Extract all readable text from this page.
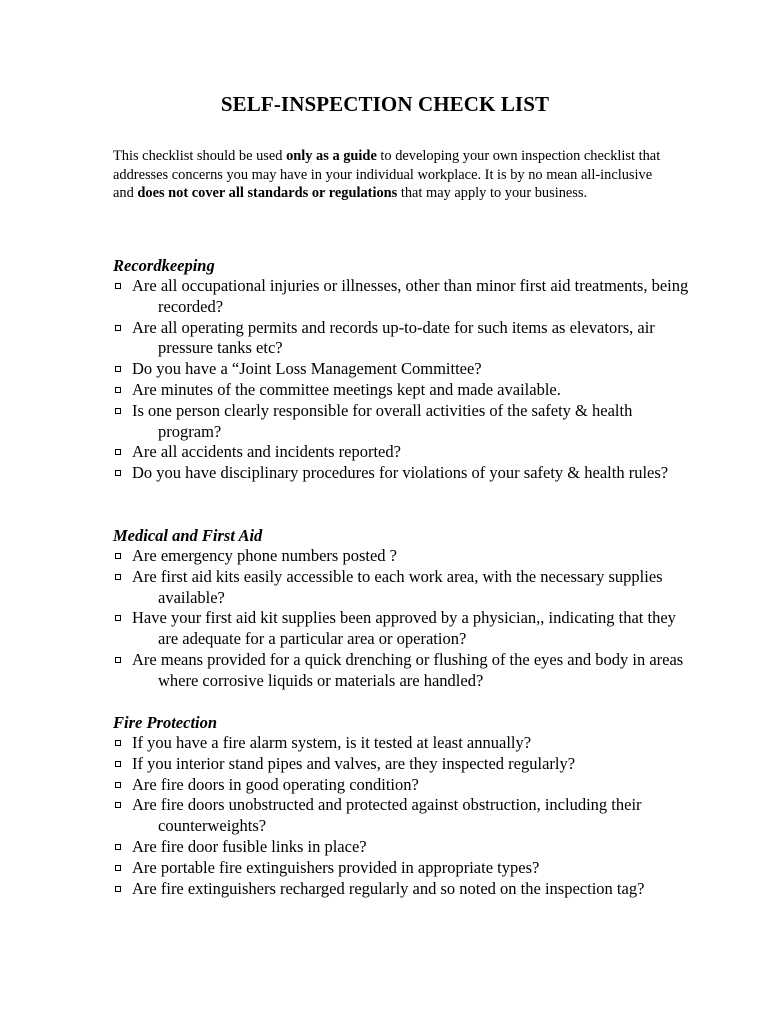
SELF-INSPECTION CHECK LIST

This checklist should be used only as a guide to developing your own inspection checklist that addresses concerns you may have in your individual workplace. It is by no mean all-inclusive and does not cover all standards or regulations that may apply to your business.

Recordkeeping
Are all occupational injuries or illnesses, other than minor first aid treatments, being recorded?
Are all operating permits and records up-to-date for such items as elevators, air pressure tanks etc?
Do you have a “Joint Loss Management Committee?
Are minutes of the committee meetings kept and made available.
Is one person clearly responsible for overall activities of the safety & health program?
Are all accidents and incidents reported?
Do you have disciplinary procedures for violations of your safety & health rules?
Medical and First Aid
Are emergency phone numbers posted ?
Are first aid kits easily accessible to each work area, with the necessary supplies available?
Have your first aid kit supplies been approved by a physician,, indicating that they are adequate for a particular area or operation?
Are means provided for a quick drenching or flushing of the eyes and body in areas where corrosive liquids or materials are handled?
Fire Protection
If you have a fire alarm system, is it tested at least annually?
If you interior stand pipes and valves, are they inspected regularly?
Are fire doors in good operating condition?
Are fire doors unobstructed and protected against obstruction, including their counterweights?
Are fire door fusible links in place?
Are portable fire extinguishers provided in appropriate types?
Are fire extinguishers recharged regularly and so noted on the inspection tag?
